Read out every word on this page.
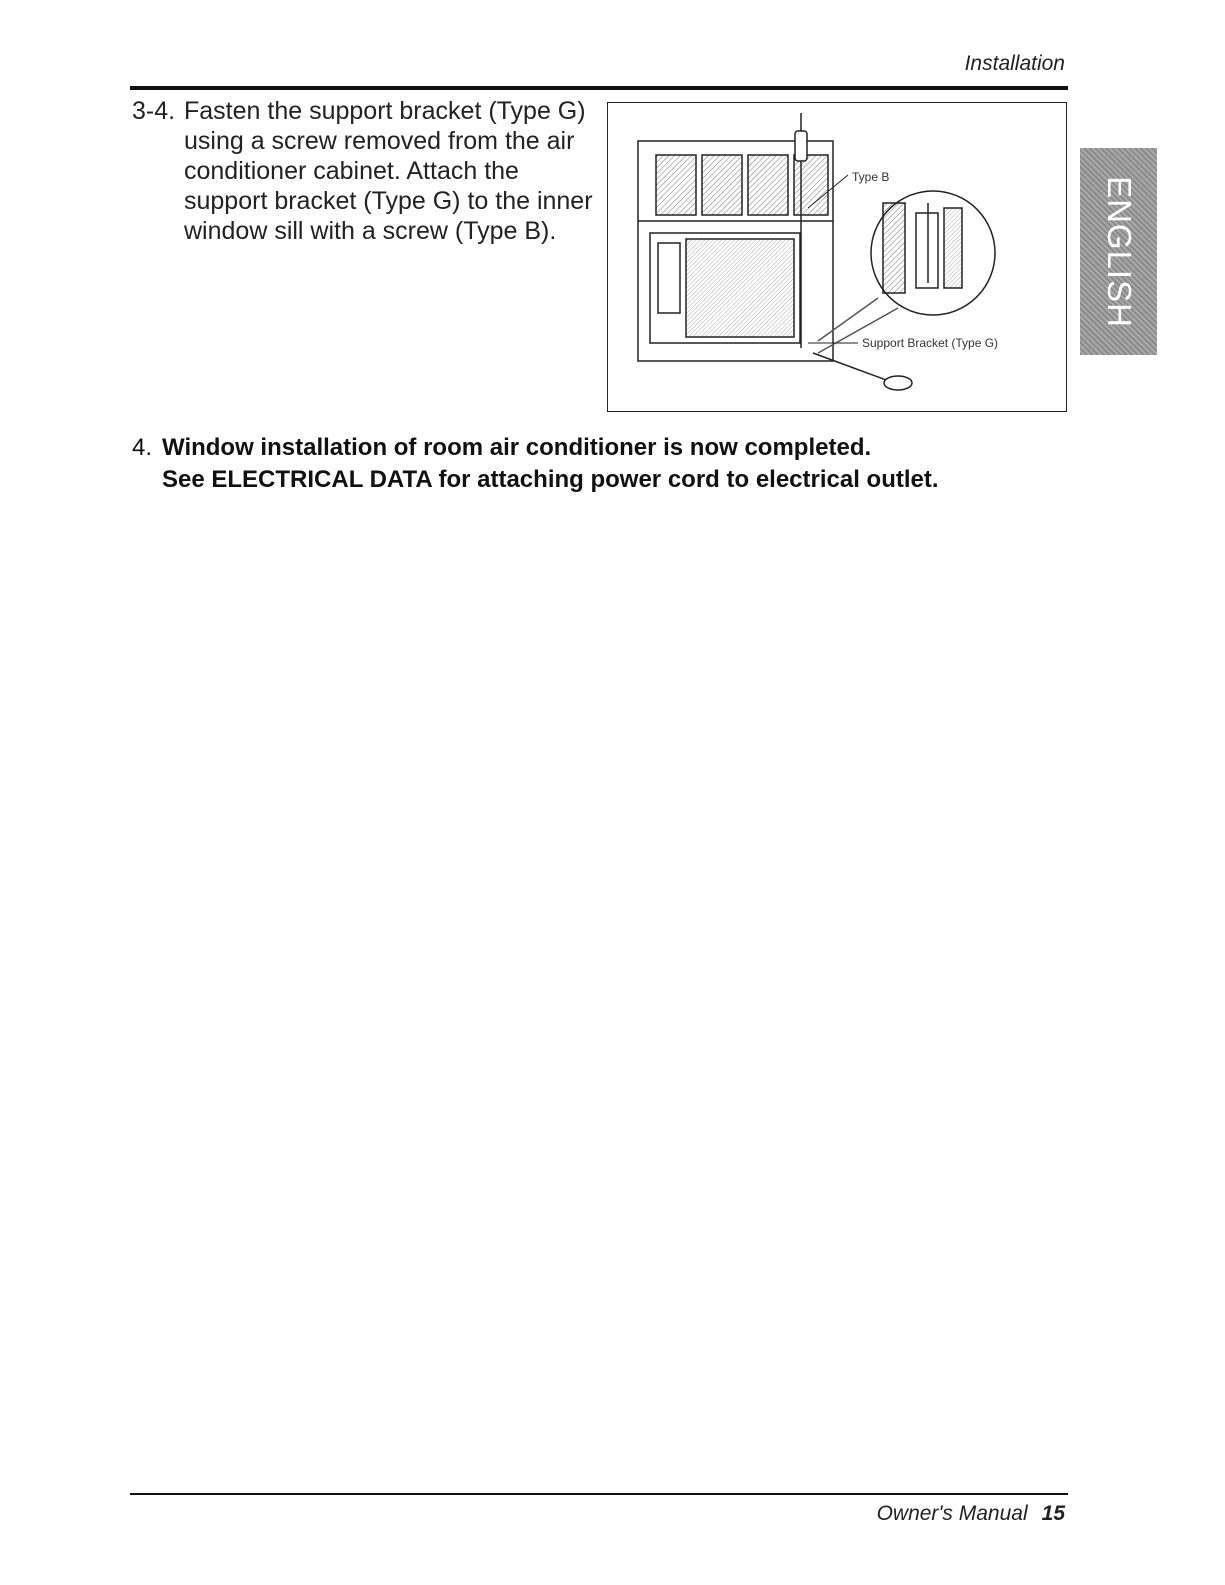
Installation
3-4. Fasten the support bracket (Type G)
using a screw removed from the air
conditioner cabinet. Attach the
support bracket (Type G) to the inner
window sill with a screw (Type B).
Type B
Support Bracket (Type G)
ENGLISH
4. Window installation of room air conditioner is now completed.
See ELECTRICAL DATA for attaching power cord to electrical outlet.
Owner's Manual 15
